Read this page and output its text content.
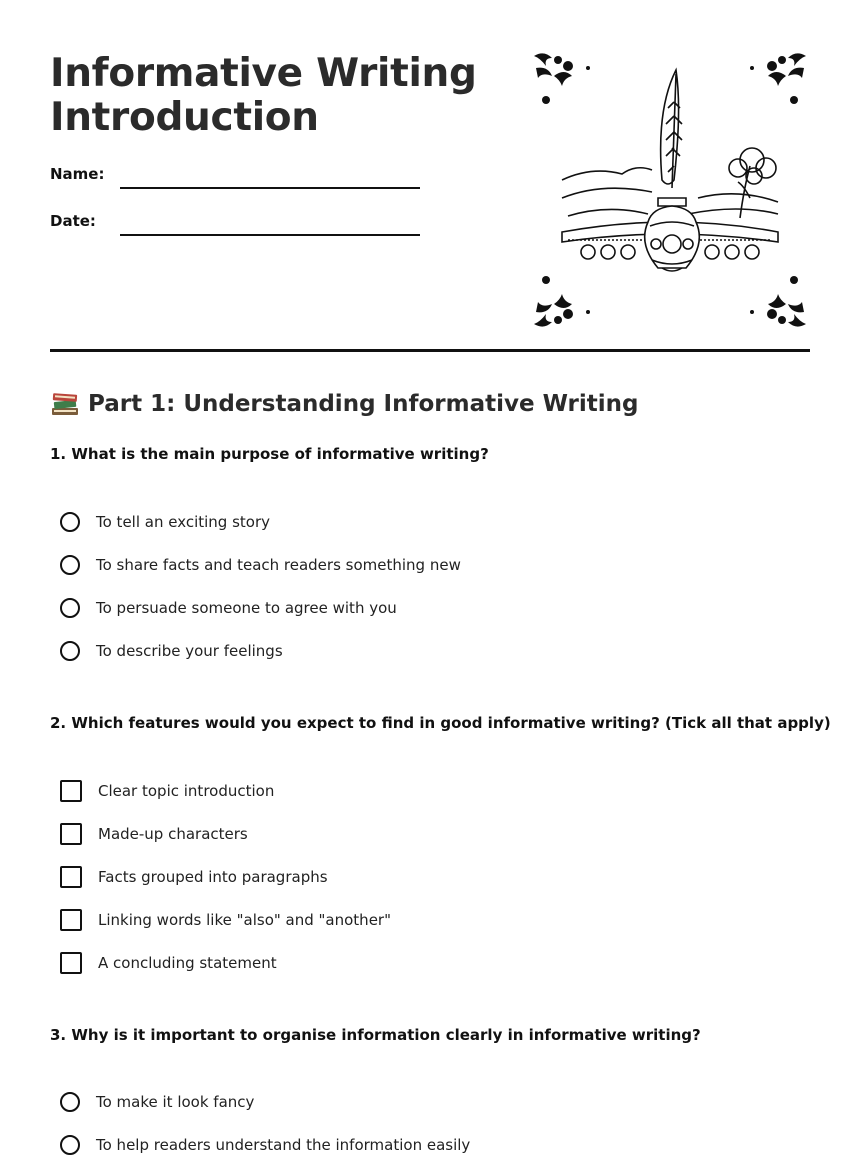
Informative Writing
Introduction
Name:
Date:
Part 1: Understanding Informative Writing

1. What is the main purpose of informative writing?

To tell an exciting story
To share facts and teach readers something new
To persuade someone to agree with you
To describe your feelings

2. Which features would you expect to find in good informative writing? (Tick all that apply)

Clear topic introduction
Made-up characters
Facts grouped into paragraphs
Linking words like "also" and "another"
A concluding statement

3. Why is it important to organise information clearly in informative writing?

To make it look fancy
To help readers understand the information easily
